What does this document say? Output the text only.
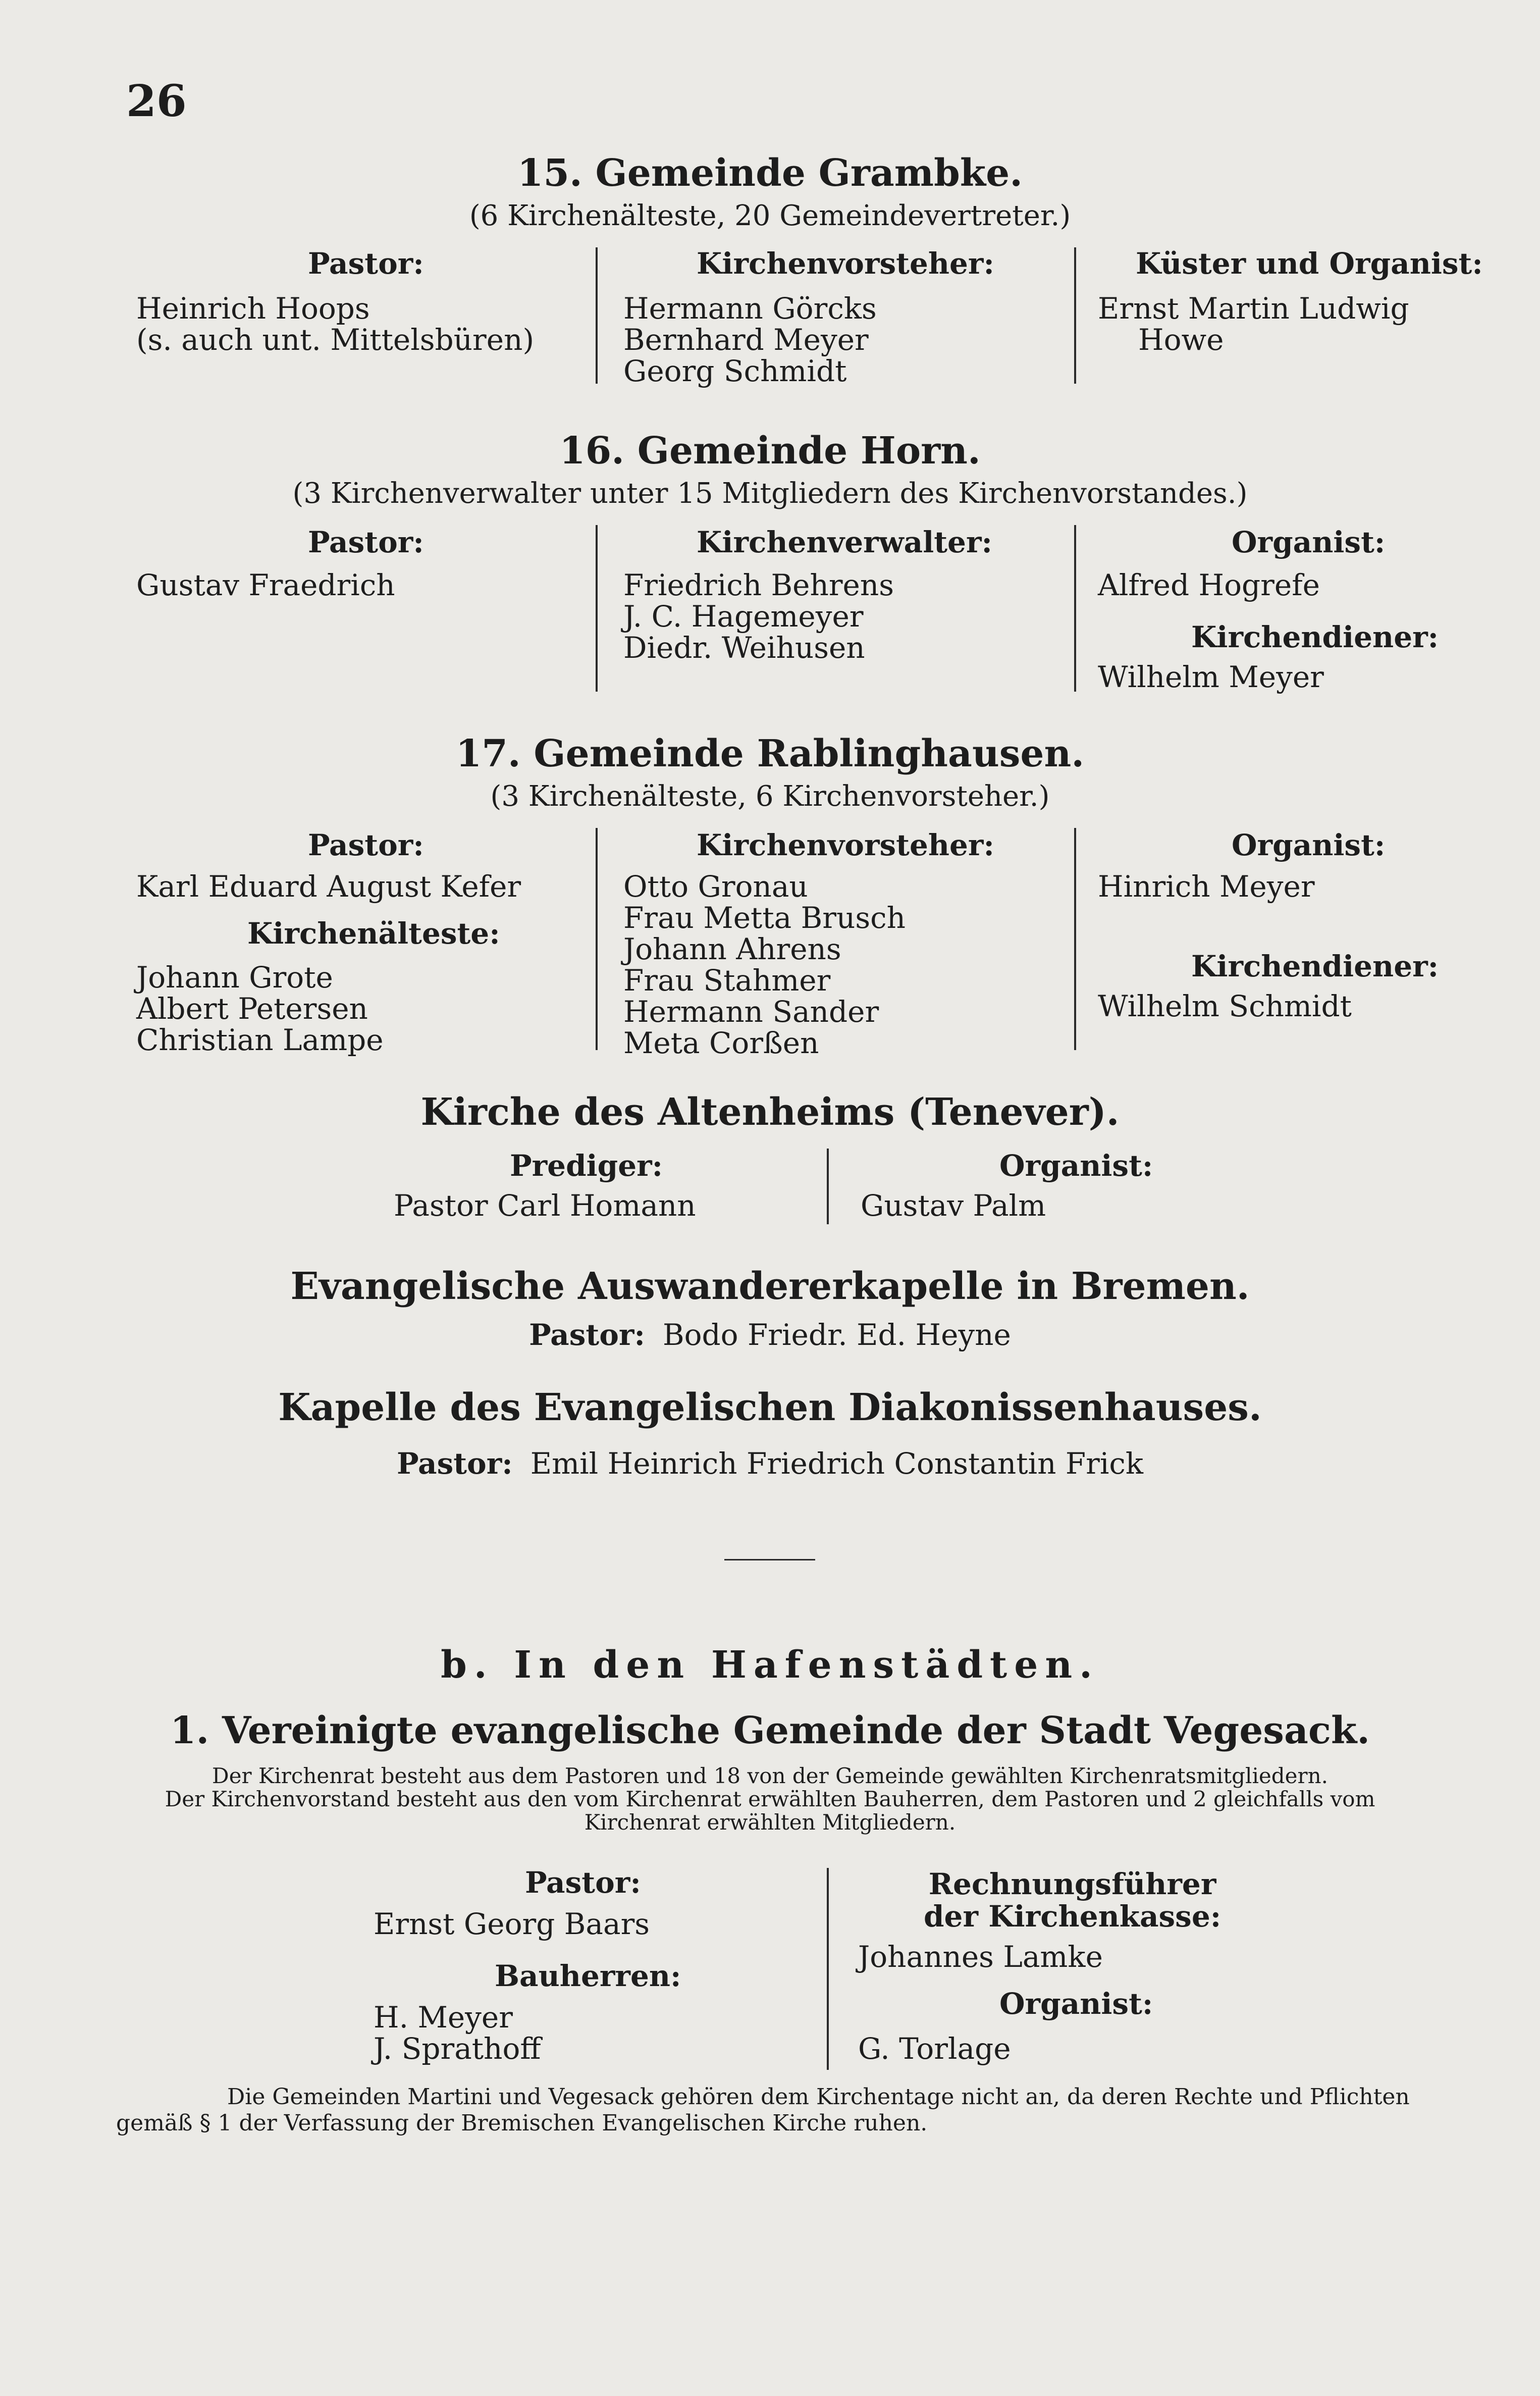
26
15. Gemeinde Grambke.
(6 Kirchenälteste, 20 Gemeindevertreter.)
Pastor:
Heinrich Hoops
(s. auch unt. Mittelsbüren)
Kirchenvorsteher:
Hermann Görcks
Bernhard Meyer
Georg Schmidt
Küster und Organist:
Ernst Martin Ludwig
Howe
16. Gemeinde Horn.
(3 Kirchenverwalter unter 15 Mitgliedern des Kirchenvorstandes.)
Pastor:
Gustav Fraedrich
Kirchenverwalter:
Friedrich Behrens
J. C. Hagemeyer
Diedr. Weihusen
Organist:
Alfred Hogrefe
Kirchendiener:
Wilhelm Meyer
17. Gemeinde Rablinghausen.
(3 Kirchenälteste, 6 Kirchenvorsteher.)
Pastor:
Karl Eduard August Kefer
Kirchenälteste:
Johann Grote
Albert Petersen
Christian Lampe
Kirchenvorsteher:
Otto Gronau
Frau Metta Brusch
Johann Ahrens
Frau Stahmer
Hermann Sander
Meta Corßen
Organist:
Hinrich Meyer
Kirchendiener:
Wilhelm Schmidt
Kirche des Altenheims (Tenever).
Prediger:
Pastor Carl Homann
Organist:
Gustav Palm
Evangelische Auswandererkapelle in Bremen.
Pastor: Bodo Friedr. Ed. Heyne
Kapelle des Evangelischen Diakonissenhauses.
Pastor: Emil Heinrich Friedrich Constantin Frick
b. In den Hafenstädten.
1. Vereinigte evangelische Gemeinde der Stadt Vegesack.
Der Kirchenrat besteht aus dem Pastoren und 18 von der Gemeinde gewählten Kirchenratsmitgliedern.
Der Kirchenvorstand besteht aus den vom Kirchenrat erwählten Bauherren, dem Pastoren und 2 gleichfalls vom
Kirchenrat erwählten Mitgliedern.
Pastor:
Ernst Georg Baars
Bauherren:
H. Meyer
J. Sprathoff
Rechnungsführer
der Kirchenkasse:
Johannes Lamke
Organist:
G. Torlage
Die Gemeinden Martini und Vegesack gehören dem Kirchentage nicht an, da deren Rechte und Pflichten
gemäß § 1 der Verfassung der Bremischen Evangelischen Kirche ruhen.
